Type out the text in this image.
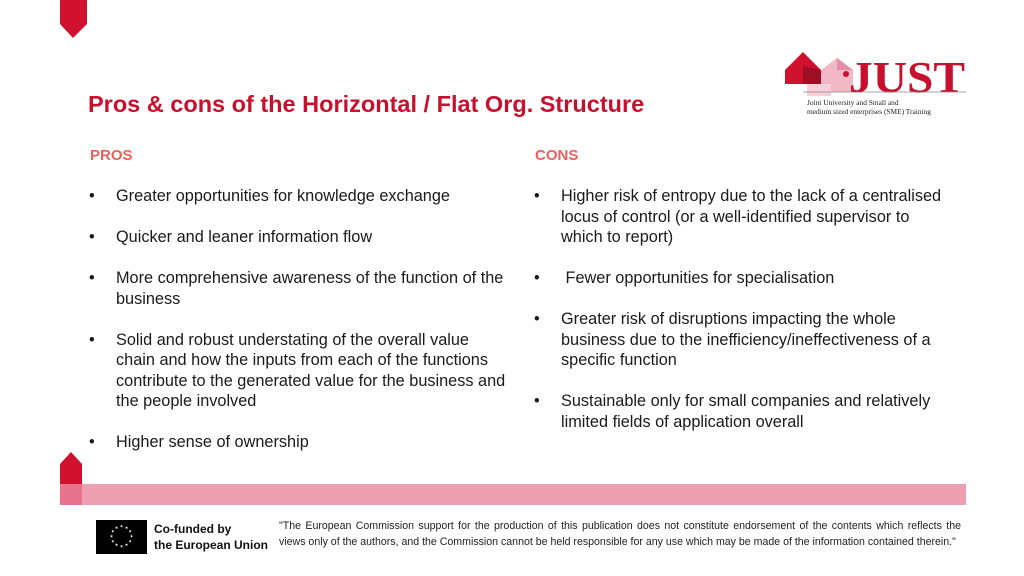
JUST
Joint University and Small and
medium sized enterprises (SME) Training
Pros & cons of the Horizontal / Flat Org. Structure
PROS
• Greater opportunities for knowledge exchange
• Quicker and leaner information flow
• More comprehensive awareness of the function of the business
• Solid and robust understating of the overall value chain and how the inputs from each of the functions contribute to the generated value for the business and the people involved
• Higher sense of ownership
CONS
• Higher risk of entropy due to the lack of a centralised locus of control (or a well-identified supervisor to which to report)
• Fewer opportunities for specialisation
• Greater risk of disruptions impacting the whole business due to the inefficiency/ineffectiveness of a specific function
• Sustainable only for small companies and relatively limited fields of application overall
★ ★
★
★
★
★
★
★
★
★
★
★	Co-funded by
the European Union
"The European Commission support for the production of this publication does not constitute endorsement of the contents which reflects the views only of the authors, and the Commission cannot be held responsible for any use which may be made of the information contained therein."
